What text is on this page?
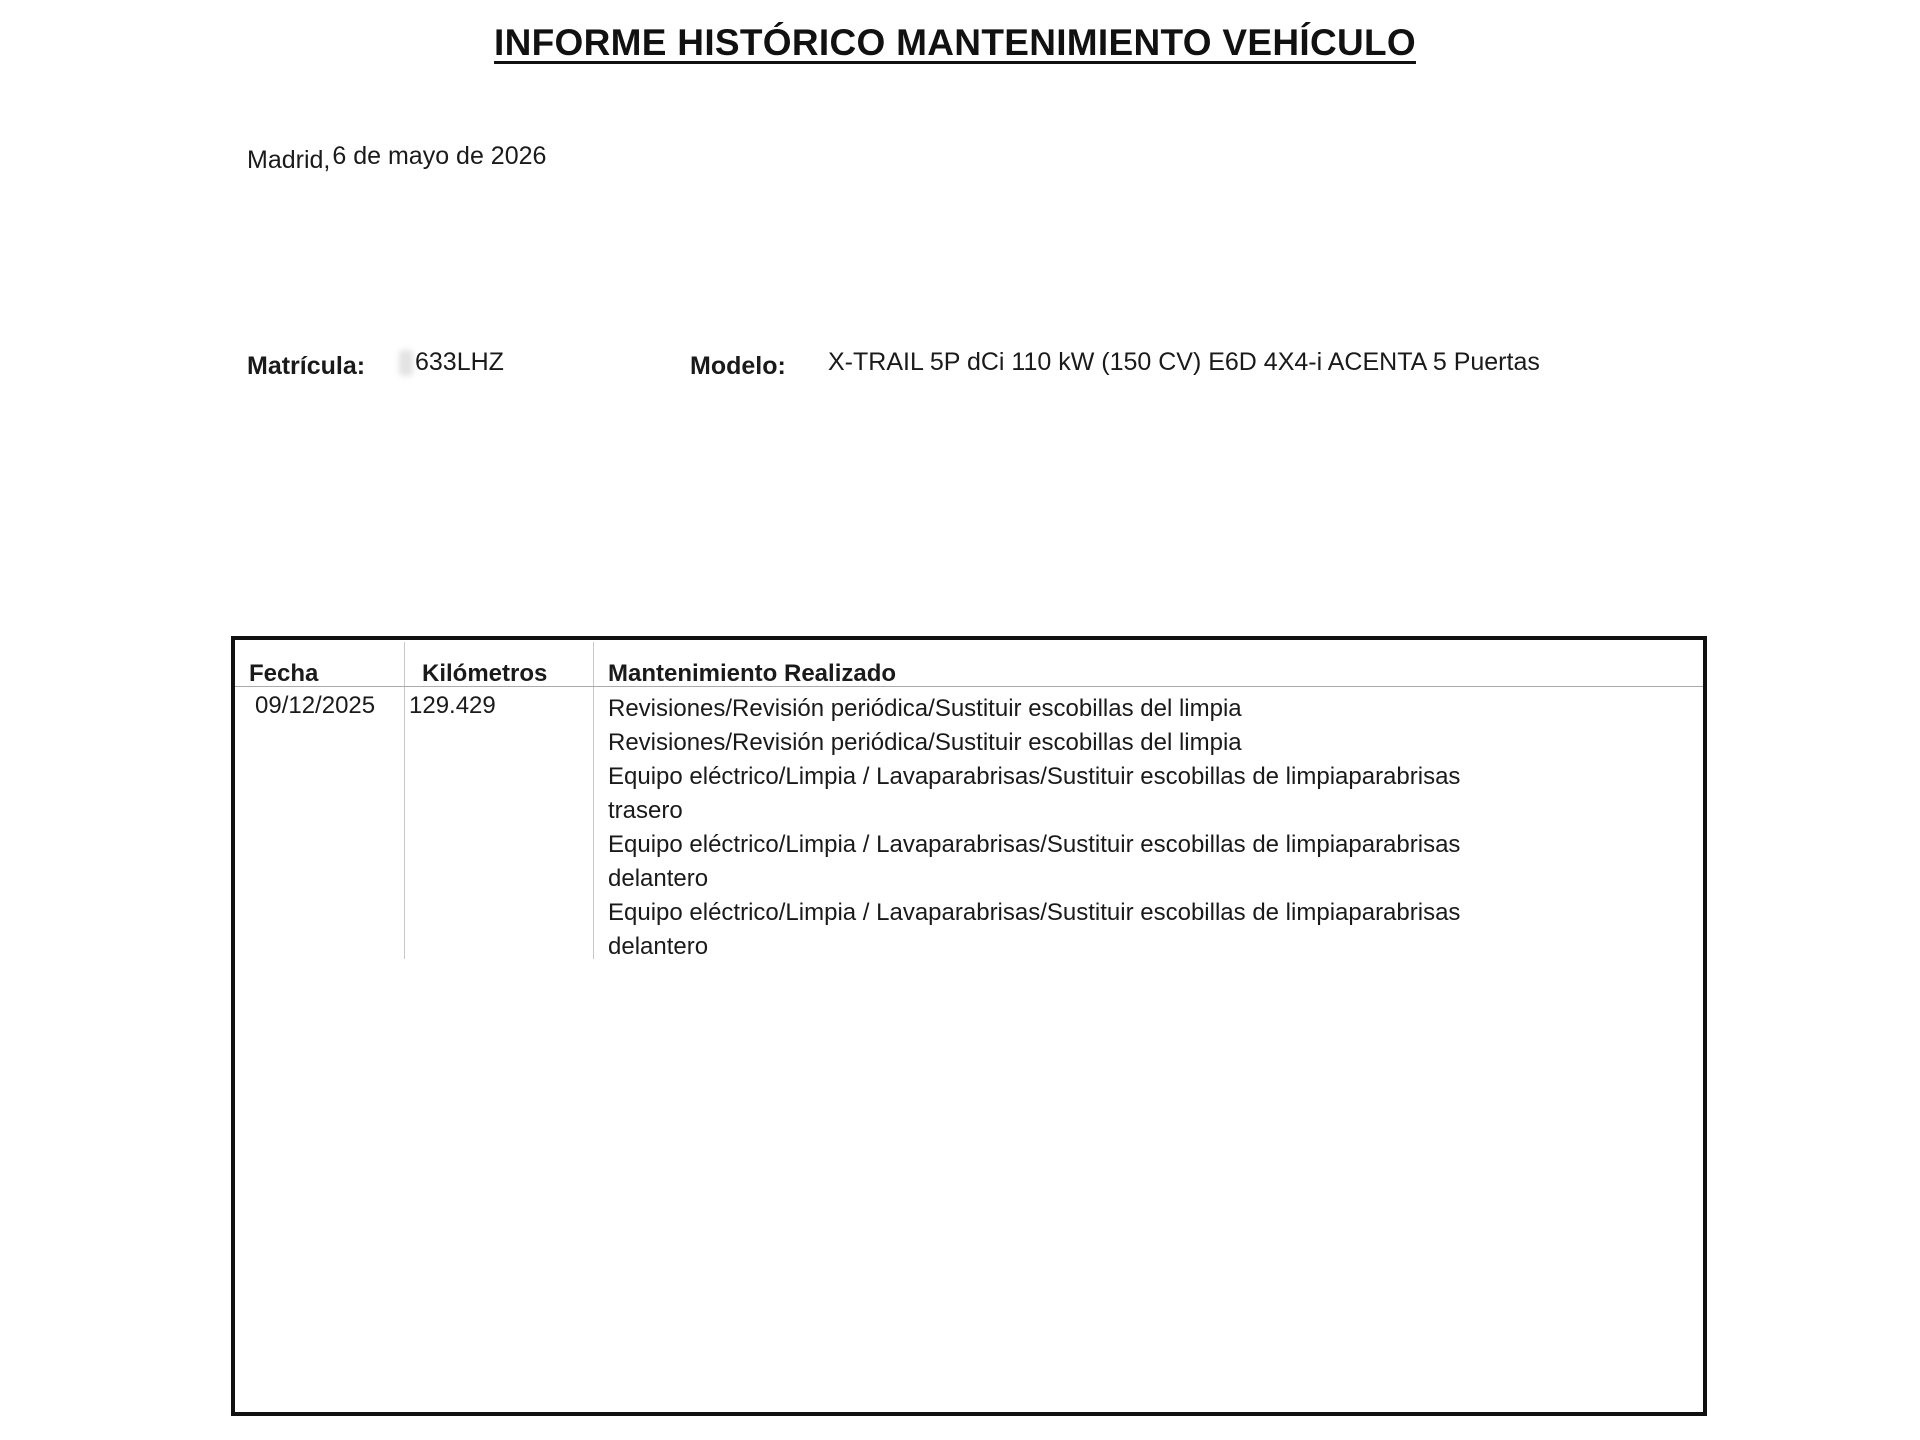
INFORME HISTÓRICO MANTENIMIENTO VEHÍCULO
Madrid,6 de mayo de 2026
Matrícula: 633LHZ	Modelo: X-TRAIL 5P dCi 110 kW (150 CV) E6D 4X4-i ACENTA 5 Puertas
Fecha	Kilómetros	Mantenimiento Realizado
09/12/2025 129.429	Revisiones/Revisión periódica/Sustituir escobillas del limpia
Revisiones/Revisión periódica/Sustituir escobillas del limpia
Equipo eléctrico/Limpia / Lavaparabrisas/Sustituir escobillas de limpiaparabrisas trasero
Equipo eléctrico/Limpia / Lavaparabrisas/Sustituir escobillas de limpiaparabrisas delantero
Equipo eléctrico/Limpia / Lavaparabrisas/Sustituir escobillas de limpiaparabrisas delantero
